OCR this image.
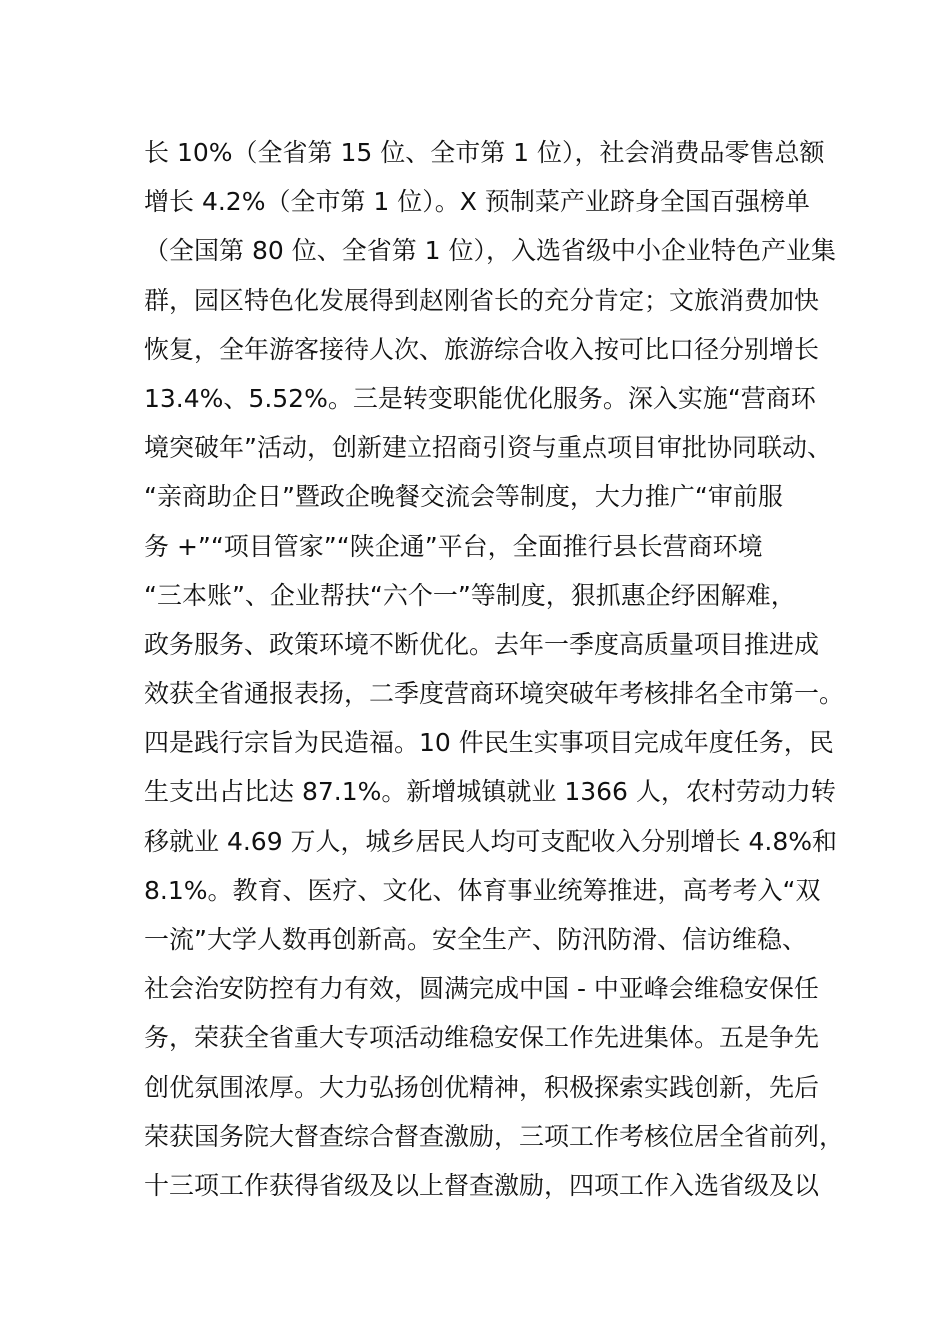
长 10%（全省第 15 位、全市第 1 位），社会消费品零售总额
增长 4.2%（全市第 1 位）。X 预制菜产业跻身全国百强榜单
（全国第 80 位、全省第 1 位），入选省级中小企业特色产业集
群，园区特色化发展得到赵刚省长的充分肯定；文旅消费加快
恢复，全年游客接待人次、旅游综合收入按可比口径分别增长
13.4%、5.52%。三是转变职能优化服务。深入实施“营商环
境突破年”活动，创新建立招商引资与重点项目审批协同联动、
“亲商助企日”暨政企晚餐交流会等制度，大力推广“审前服
务 +”“项目管家”“陕企通”平台，全面推行县长营商环境
“三本账”、企业帮扶“六个一”等制度，狠抓惠企纾困解难，
政务服务、政策环境不断优化。去年一季度高质量项目推进成
效获全省通报表扬，二季度营商环境突破年考核排名全市第一。
四是践行宗旨为民造福。10 件民生实事项目完成年度任务，民
生支出占比达 87.1%。新增城镇就业 1366 人，农村劳动力转
移就业 4.69 万人，城乡居民人均可支配收入分别增长 4.8%和
8.1%。教育、医疗、文化、体育事业统筹推进，高考考入“双
一流”大学人数再创新高。安全生产、防汛防滑、信访维稳、
社会治安防控有力有效，圆满完成中国 - 中亚峰会维稳安保任
务，荣获全省重大专项活动维稳安保工作先进集体。五是争先
创优氛围浓厚。大力弘扬创优精神，积极探索实践创新，先后
荣获国务院大督查综合督查激励，三项工作考核位居全省前列，
十三项工作获得省级及以上督查激励，四项工作入选省级及以
